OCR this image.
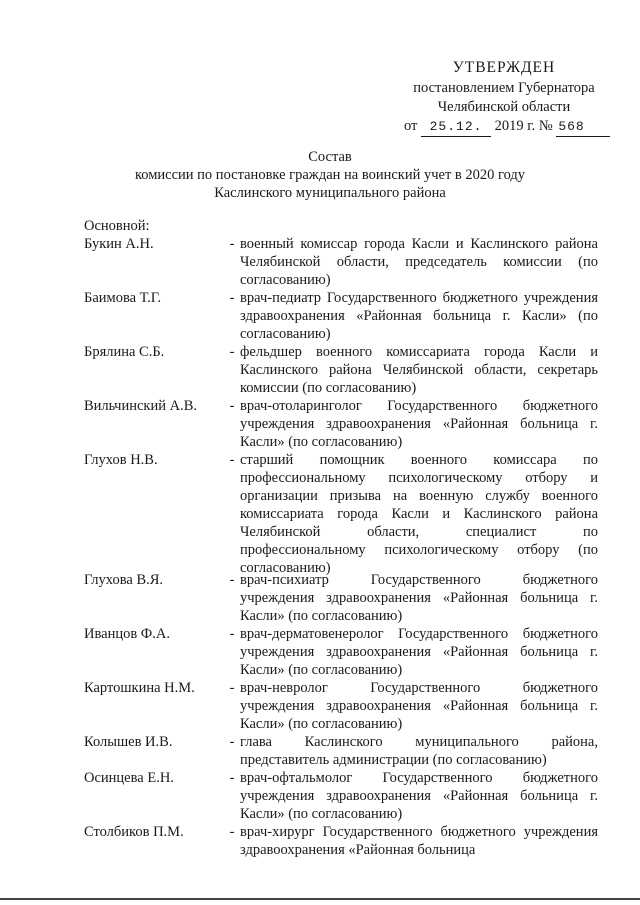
УТВЕРЖДЕН
постановлением Губернатора
Челябинской области
от 25.12. 2019 г. № 568
Состав
комиссии по постановке граждан на воинский учет в 2020 году
Каслинского муниципального района
Основной:
Букин А.Н.	- военный комиссар города Касли и Каслинского района Челябинской области, председатель комиссии (по согласованию)
Баимова Т.Г.	- врач-педиатр Государственного бюджетного учреждения здравоохранения «Районная больница г. Касли» (по согласованию)
Брялина С.Б.	- фельдшер военного комиссариата города Касли и Каслинского района Челябинской области, секретарь комиссии (по согласованию)
Вильчинский А.В.	- врач-отоларинголог Государственного бюджетного учреждения здравоохранения «Районная больница г. Касли» (по согласованию)
Глухов Н.В.	- старший помощник военного комиссара по профессиональному психологическому отбору и организации призыва на военную службу военного комиссариата города Касли и Каслинского района Челябинской области, специалист по профессиональному психологическому отбору (по согласованию)
Глухова В.Я.	- врач-психиатр Государственного бюджетного учреждения здравоохранения «Районная больница г. Касли» (по согласованию)
Иванцов Ф.А.	- врач-дерматовенеролог Государственного бюджетного учреждения здравоохранения «Районная больница г. Касли» (по согласованию)
Картошкина Н.М.	- врач-невролог Государственного бюджетного учреждения здравоохранения «Районная больница г. Касли» (по согласованию)
Колышев И.В.	- глава Каслинского муниципального района, представитель администрации (по согласованию)
Осинцева Е.Н.	- врач-офтальмолог Государственного бюджетного учреждения здравоохранения «Районная больница г. Касли» (по согласованию)
Столбиков П.М.	- врач-хирург Государственного бюджетного учреждения здравоохранения «Районная больница
